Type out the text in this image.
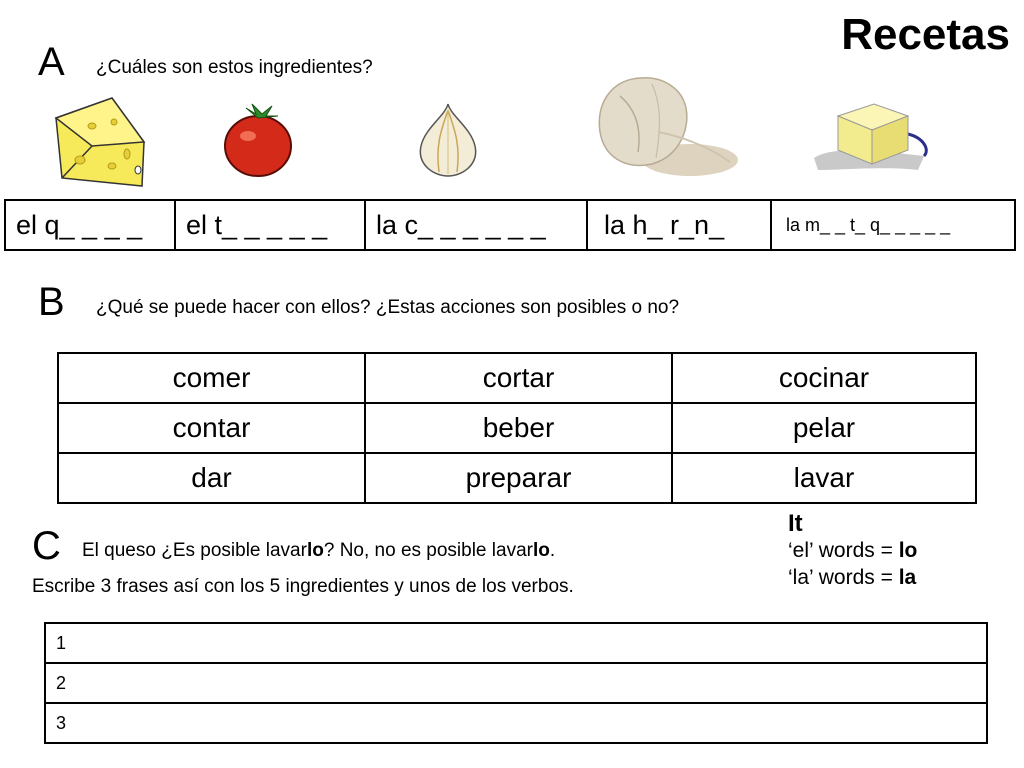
Recetas
A ¿Cuáles son estos ingredientes?
el q_ _ _ _	el t_ _ _ _ _	la c_ _ _ _ _ _	la h_ r_n_	la m_ _ t_ q_ _ _ _ _
B ¿Qué se puede hacer con ellos? ¿Estas acciones son posibles o no?
comer	cortar	cocinar
contar	beber	pelar
dar	preparar	lavar
C El queso ¿Es posible lavarlo? No, no es posible lavarlo.
Escribe 3 frases así con los 5 ingredientes y unos de los verbos.
It
‘el’ words = lo
‘la’ words = la
1
2
3
